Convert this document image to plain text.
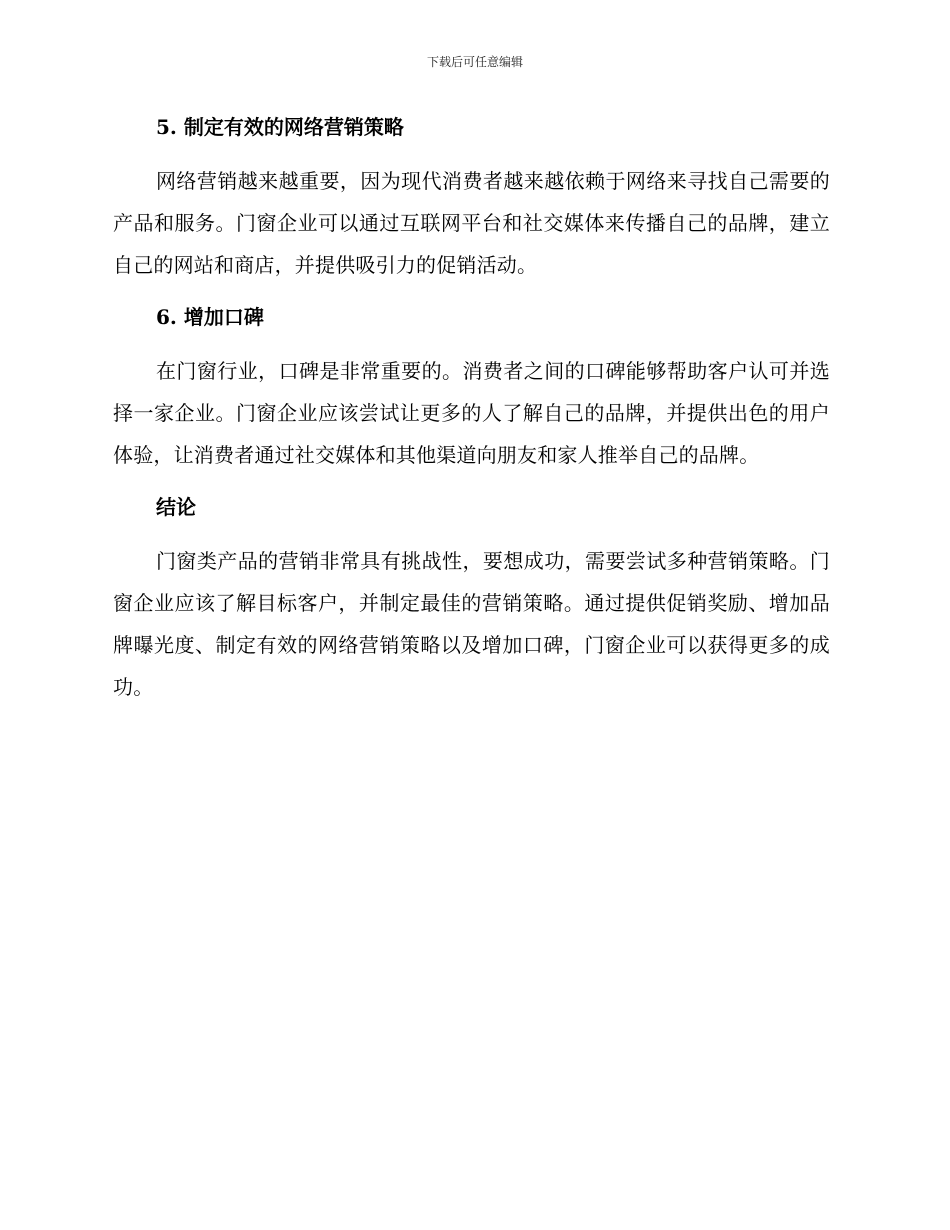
下载后可任意编辑
5. 制定有效的网络营销策略

网络营销越来越重要，因为现代消费者越来越依赖于网络来寻找自己需要的产品和服务。门窗企业可以通过互联网平台和社交媒体来传播自己的品牌，建立自己的网站和商店，并提供吸引力的促销活动。

6. 增加口碑

在门窗行业，口碑是非常重要的。消费者之间的口碑能够帮助客户认可并选择一家企业。门窗企业应该尝试让更多的人了解自己的品牌，并提供出色的用户体验，让消费者通过社交媒体和其他渠道向朋友和家人推举自己的品牌。

结论

门窗类产品的营销非常具有挑战性，要想成功，需要尝试多种营销策略。门窗企业应该了解目标客户，并制定最佳的营销策略。通过提供促销奖励、增加品牌曝光度、制定有效的网络营销策略以及增加口碑，门窗企业可以获得更多的成功。
